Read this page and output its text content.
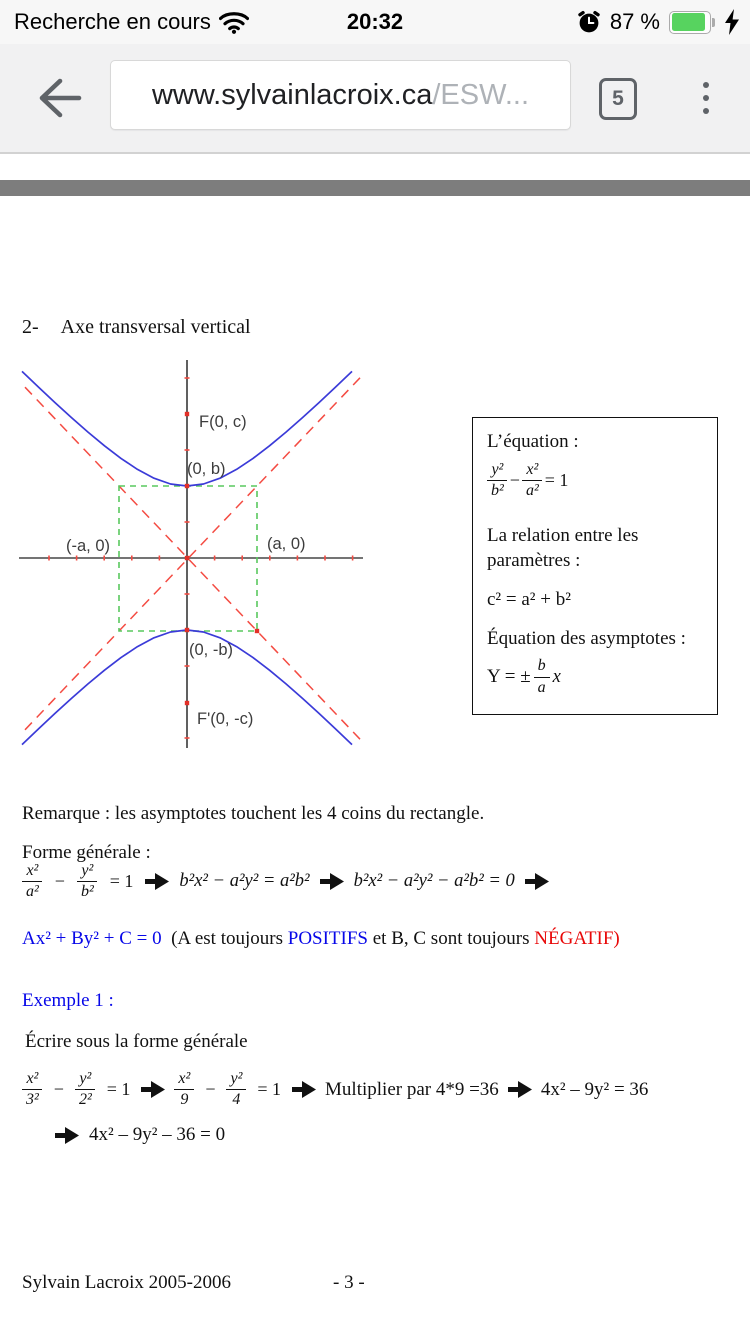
Recherche en cours	20:32	87 %
www.sylvainlacroix.ca /ESW...	5
2- Axe transversal vertical
F(0, c)
(0, b)
(-a, 0)	(a, 0)
(0, -b)
F'(0, -c)
L’équation :
$\frac{\text{y²}}{\text{b²}} - \frac{\text{x²}}{\text{a²}} = 1$
La relation entre les paramètres :
c² = a² + b²
Équation des asymptotes :
Y = ± $\frac{b}{a}$ x
Remarque : les asymptotes touchent les 4 coins du rectangle.
Forme générale :
$\frac{\text{x²}}{\text{a²}} - \frac{\text{y²}}{\text{b²}} = 1$ b²x² − a²y² = a²b² b²x² − a²y² − a²b² = 0
Ax² + By² + C = 0  (A est toujours POSITIFS et B, C sont toujours NÉGATIF)
Exemple 1 :
Écrire sous la forme générale
$\frac{\text{x²}}{\text{3²}} - \frac{\text{y²}}{\text{2²}} = 1$	$\frac{\text{x²}}{9} - \frac{\text{y²}}{4} = 1$ Multiplier par 4*9 =36 4x² – 9y² = 36
4x² – 9y² – 36 = 0
Sylvain Lacroix 2005-2006	- 3 -
